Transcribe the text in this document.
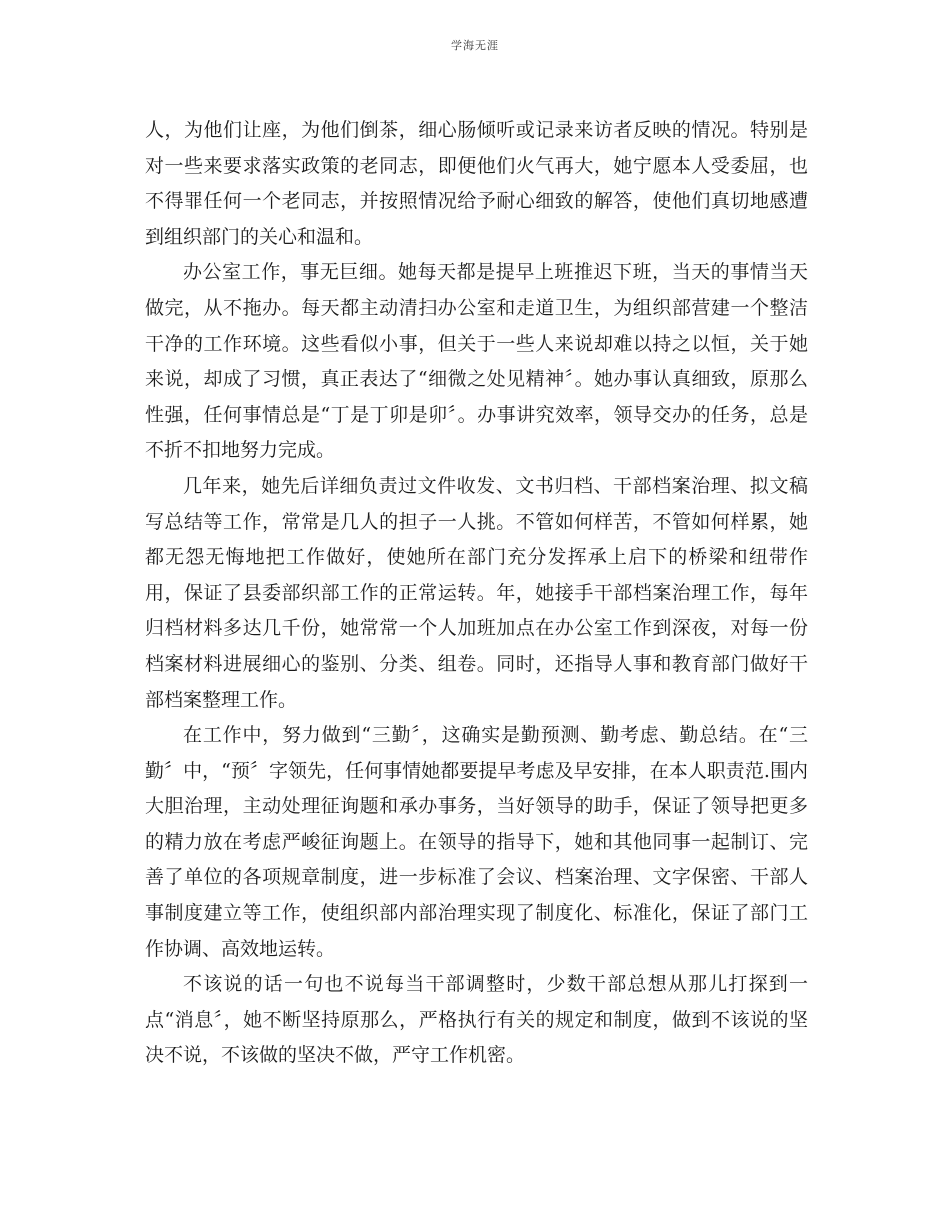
学海无涯

人，为他们让座，为他们倒茶，细心肠倾听或记录来访者反映的情况。特别是对一些来要求落实政策的老同志，即便他们火气再大，她宁愿本人受委屈，也不得罪任何一个老同志，并按照情况给予耐心细致的解答，使他们真切地感遭到组织部门的关心和温和。

办公室工作，事无巨细。她每天都是提早上班推迟下班，当天的事情当天做完，从不拖办。每天都主动清扫办公室和走道卫生，为组织部营建一个整洁干净的工作环境。这些看似小事，但关于一些人来说却难以持之以恒，关于她来说，却成了习惯，真正表达了“细微之处见精神〞。她办事认真细致，原那么性强，任何事情总是“丁是丁卯是卯〞。办事讲究效率，领导交办的任务，总是不折不扣地努力完成。

几年来，她先后详细负责过文件收发、文书归档、干部档案治理、拟文稿写总结等工作，常常是几人的担子一人挑。不管如何样苦，不管如何样累，她都无怨无悔地把工作做好，使她所在部门充分发挥承上启下的桥梁和纽带作用，保证了县委部织部工作的正常运转。年，她接手干部档案治理工作，每年归档材料多达几千份，她常常一个人加班加点在办公室工作到深夜，对每一份档案材料进展细心的鉴别、分类、组卷。同时，还指导人事和教育部门做好干部档案整理工作。

在工作中，努力做到“三勤〞，这确实是勤预测、勤考虑、勤总结。在“三勤〞中，“预〞字领先，任何事情她都要提早考虑及早安排，在本人职责范.围内大胆治理，主动处理征询题和承办事务，当好领导的助手，保证了领导把更多的精力放在考虑严峻征询题上。在领导的指导下，她和其他同事一起制订、完善了单位的各项规章制度，进一步标准了会议、档案治理、文字保密、干部人事制度建立等工作，使组织部内部治理实现了制度化、标准化，保证了部门工作协调、高效地运转。

不该说的话一句也不说每当干部调整时，少数干部总想从那儿打探到一点“消息〞，她不断坚持原那么，严格执行有关的规定和制度，做到不该说的坚决不说，不该做的坚决不做，严守工作机密。
